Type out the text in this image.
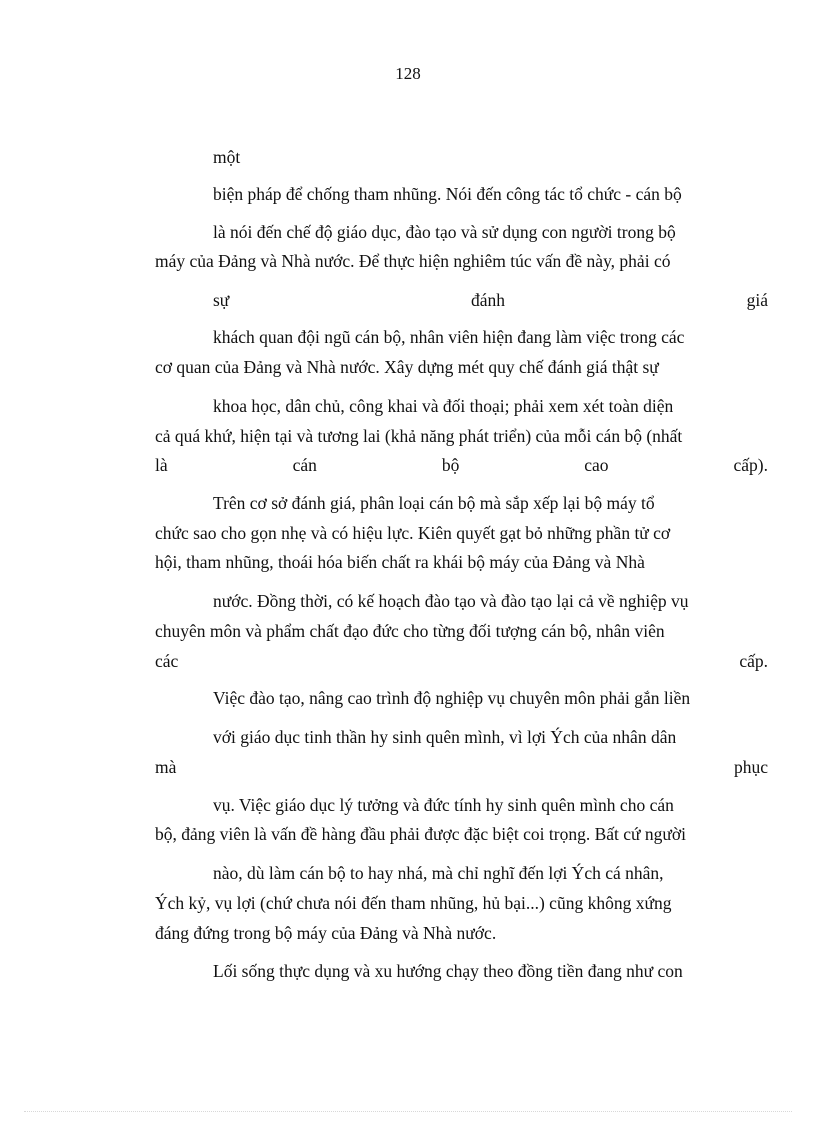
128
một
biện pháp để chống tham nhũng. Nói đến công tác tổ chức - cán bộ
là nói đến chế độ giáo dục, đào tạo và sử dụng con người trong bộ
máy của Đảng và Nhà nước. Để thực hiện nghiêm túc vấn đề này, phải có
sự	đánh	giá
khách quan đội ngũ cán bộ, nhân viên hiện đang làm việc trong các
cơ quan của Đảng và Nhà nước. Xây dựng mét quy chế đánh giá thật sự
khoa học, dân chủ, công khai và đối thoại; phải xem xét toàn diện
cả quá khứ, hiện tại và tương lai (khả năng phát triển) của mỗi cán bộ (nhất
là	cán	bộ	cao	cấp).
Trên cơ sở đánh giá, phân loại cán bộ mà sắp xếp lại bộ máy tổ
chức sao cho gọn nhẹ và có hiệu lực. Kiên quyết gạt bỏ những phần tử cơ
hội, tham nhũng, thoái hóa biến chất ra khái bộ máy của Đảng và Nhà
nước. Đồng thời, có kế hoạch đào tạo và đào tạo lại cả về nghiệp vụ
chuyên môn và phẩm chất đạo đức cho từng đối tượng cán bộ, nhân viên
các	cấp.
Việc đào tạo, nâng cao trình độ nghiệp vụ chuyên môn phải gắn liền
với giáo dục tinh thần hy sinh quên mình, vì lợi Ých của nhân dân
mà	phục
vụ. Việc giáo dục lý tưởng và đức tính hy sinh quên mình cho cán
bộ, đảng viên là vấn đề hàng đầu phải được đặc biệt coi trọng. Bất cứ người
nào, dù làm cán bộ to hay nhá, mà chỉ nghĩ đến lợi Ých cá nhân,
Ých kỷ, vụ lợi (chứ chưa nói đến tham nhũng, hủ bại...) cũng không xứng
đáng đứng trong bộ máy của Đảng và Nhà nước.
Lối sống thực dụng và xu hướng chạy theo đồng tiền đang như con
